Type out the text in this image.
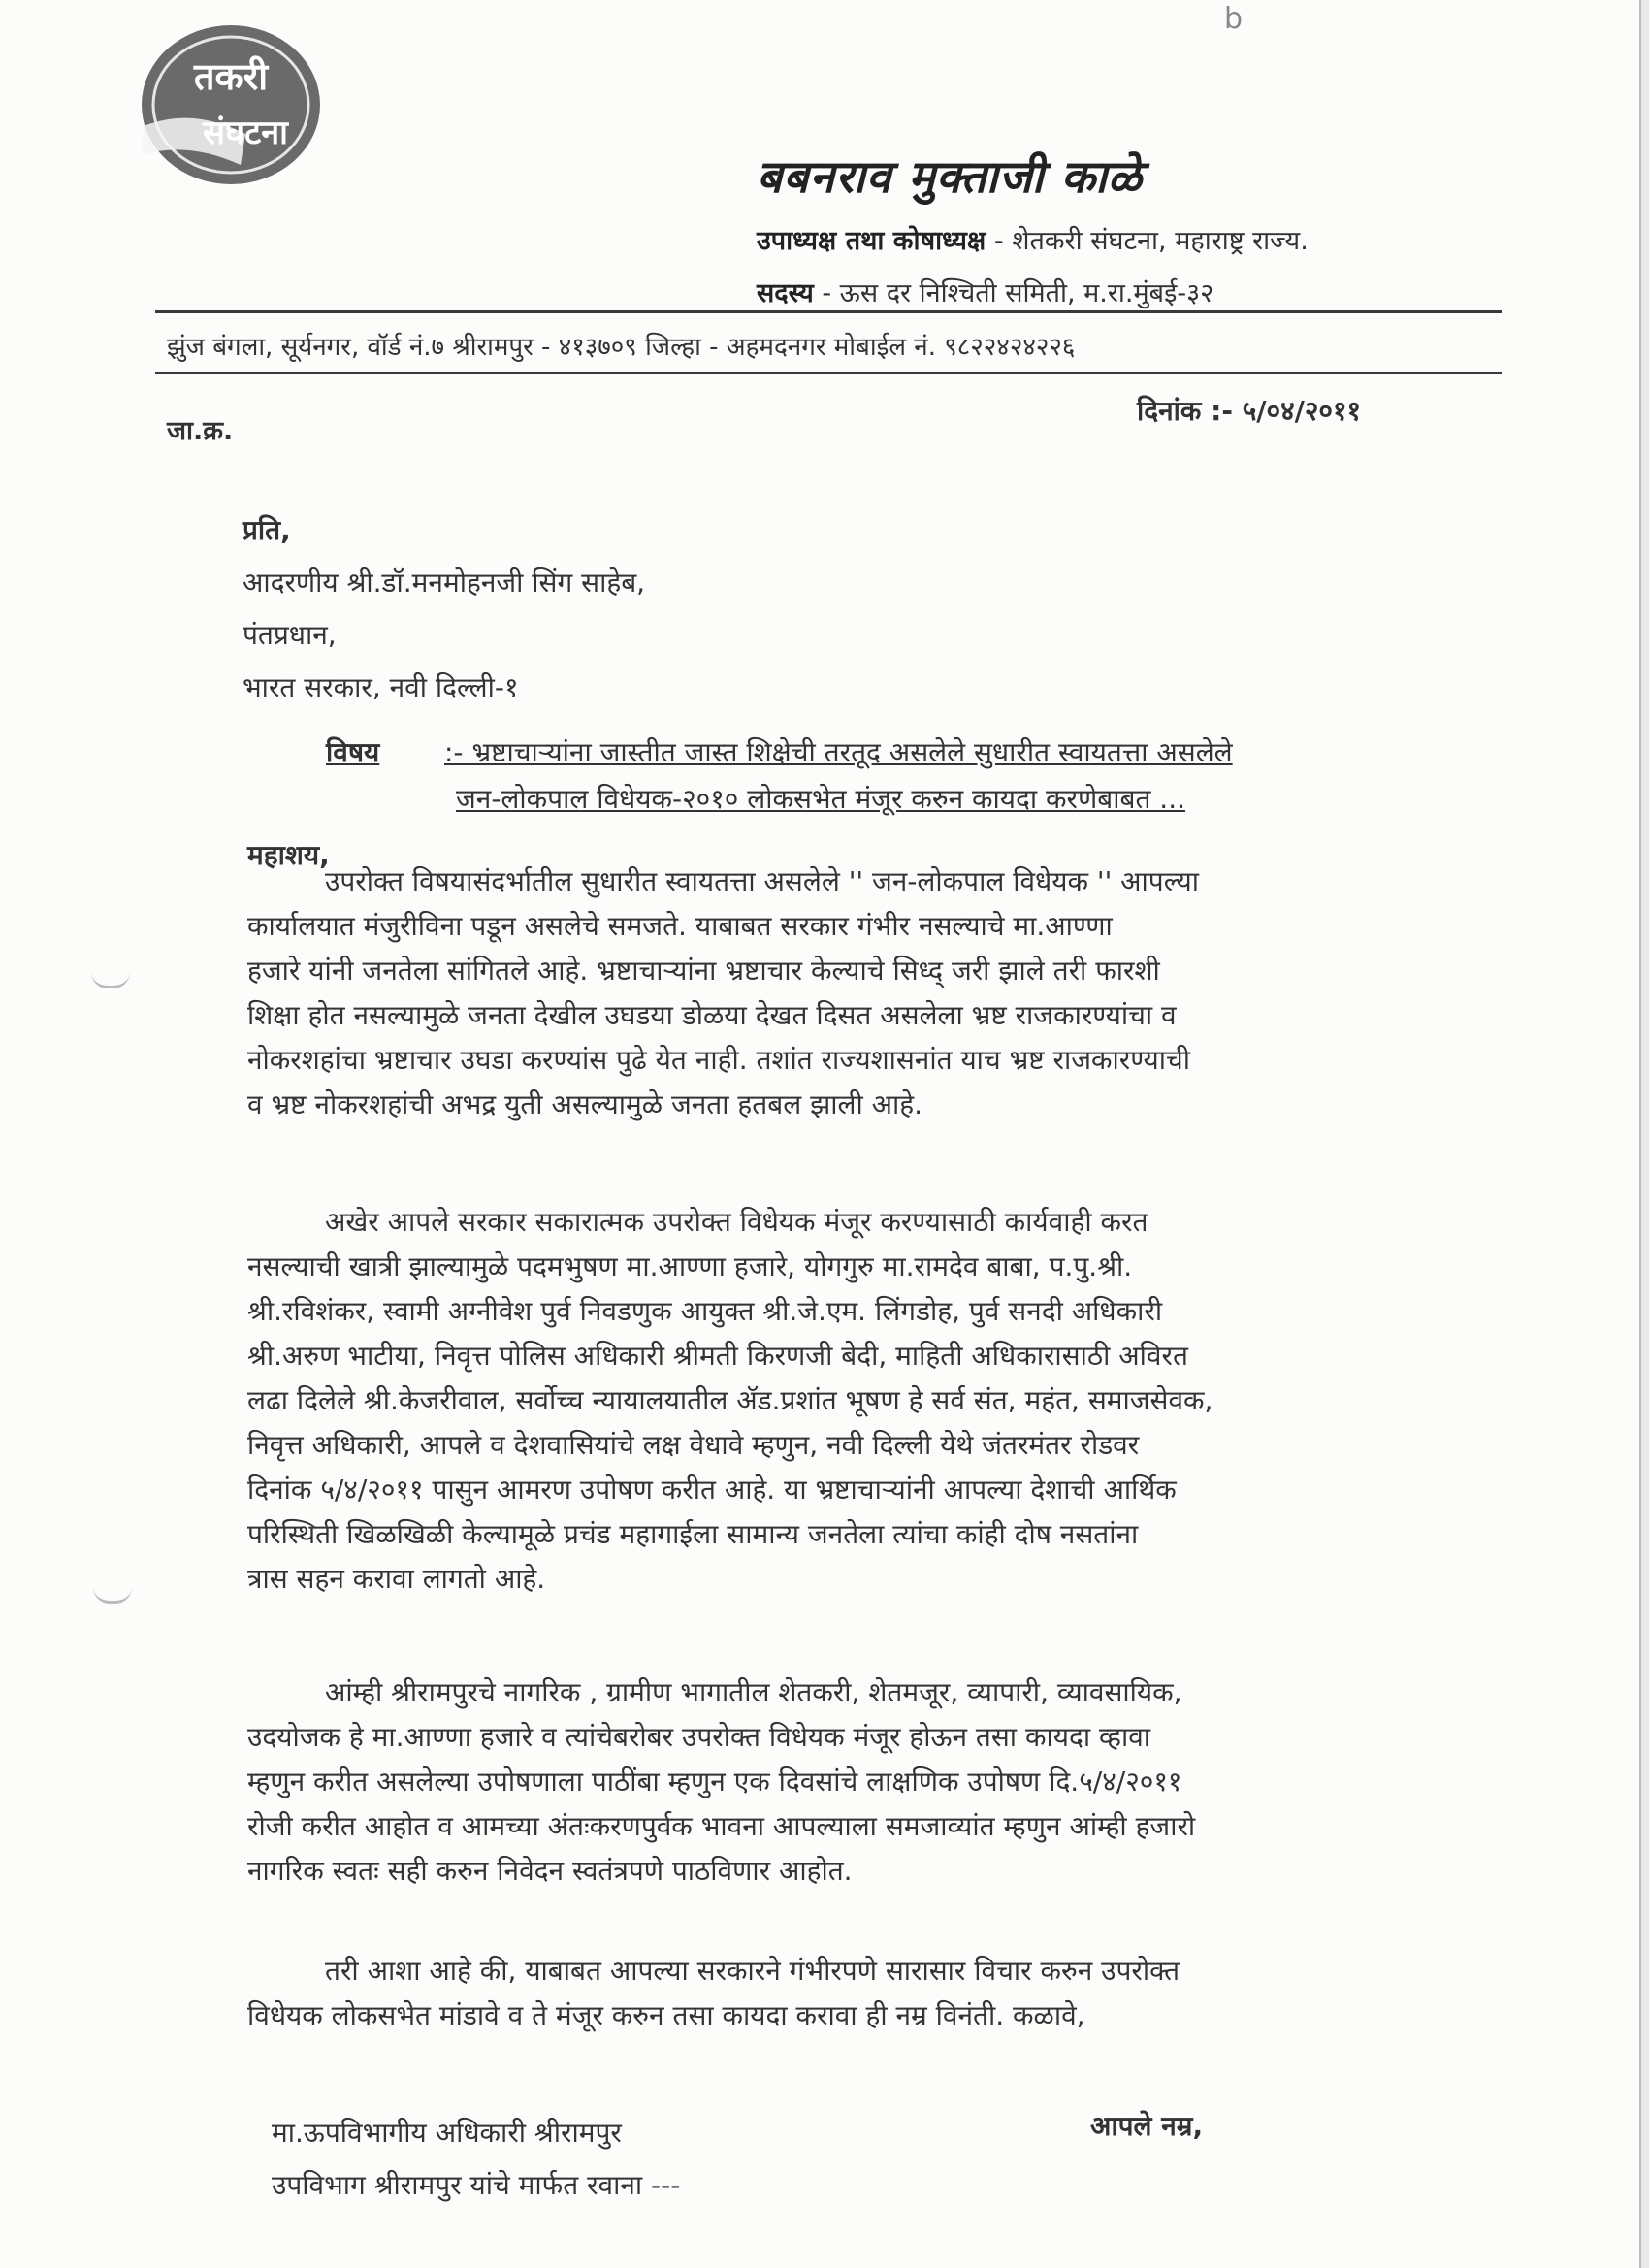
b
तकरी
संघटना
बबनराव मुक्ताजी काळे
उपाध्यक्ष तथा कोषाध्यक्ष - शेतकरी संघटना, महाराष्ट्र राज्य.
सदस्य - ऊस दर निश्चिती समिती, म.रा.मुंबई-३२
झुंज बंगला, सूर्यनगर, वॉर्ड नं.७ श्रीरामपुर - ४१३७०९ जिल्हा - अहमदनगर मोबाईल नं. ९८२२४२४२२६
दिनांक :- ५/०४/२०११
जा.क्र.
प्रति,
आदरणीय श्री.डॉ.मनमोहनजी सिंग साहेब,
पंतप्रधान,
भारत सरकार, नवी दिल्ली-१
विषय :- भ्रष्टाचाऱ्यांना जास्तीत जास्त शिक्षेची तरतूद असलेले सुधारीत स्वायतत्ता असलेले
जन-लोकपाल विधेयक-२०१० लोकसभेत मंजूर करुन कायदा करणेबाबत ...
महाशय,
उपरोक्त विषयासंदर्भातील सुधारीत स्वायतत्ता असलेले '' जन-लोकपाल विधेयक '' आपल्या
कार्यालयात मंजुरीविना पडून असलेचे समजते. याबाबत सरकार गंभीर नसल्याचे मा.आण्णा
हजारे यांनी जनतेला सांगितले आहे. भ्रष्टाचाऱ्यांना भ्रष्टाचार केल्याचे सिध्द् जरी झाले तरी फारशी
शिक्षा होत नसल्यामुळे जनता देखील उघडया डोळया देखत दिसत असलेला भ्रष्ट राजकारण्यांचा व
नोकरशहांचा भ्रष्टाचार उघडा करण्यांस पुढे येत नाही. तशांत राज्यशासनांत याच भ्रष्ट राजकारण्याची
व भ्रष्ट नोकरशहांची अभद्र युती असल्यामुळे जनता हतबल झाली आहे.
अखेर आपले सरकार सकारात्मक उपरोक्त विधेयक मंजूर करण्यासाठी कार्यवाही करत
नसल्याची खात्री झाल्यामुळे पदमभुषण मा.आण्णा हजारे, योगगुरु मा.रामदेव बाबा, प.पु.श्री.
श्री.रविशंकर, स्वामी अग्नीवेश पुर्व निवडणुक आयुक्त श्री.जे.एम. लिंगडोह, पुर्व सनदी अधिकारी
श्री.अरुण भाटीया, निवृत्त पोलिस अधिकारी श्रीमती किरणजी बेदी, माहिती अधिकारासाठी अविरत
लढा दिलेले श्री.केजरीवाल, सर्वोच्च न्यायालयातील ॲड.प्रशांत भूषण हे सर्व संत, महंत, समाजसेवक,
निवृत्त अधिकारी, आपले व देशवासियांचे लक्ष वेधावे म्हणुन, नवी दिल्ली येथे जंतरमंतर रोडवर
दिनांक ५/४/२०११ पासुन आमरण उपोषण करीत आहे. या भ्रष्टाचाऱ्यांनी आपल्या देशाची आर्थिक
परिस्थिती खिळखिळी केल्यामूळे प्रचंड महागाईला सामान्य जनतेला त्यांचा कांही दोष नसतांना
त्रास सहन करावा लागतो आहे.
आंम्ही श्रीरामपुरचे नागरिक , ग्रामीण भागातील शेतकरी, शेतमजूर, व्यापारी, व्यावसायिक,
उदयोजक हे मा.आण्णा हजारे व त्यांचेबरोबर उपरोक्त विधेयक मंजूर होऊन तसा कायदा व्हावा
म्हणुन करीत असलेल्या उपोषणाला पाठींबा म्हणुन एक दिवसांचे लाक्षणिक उपोषण दि.५/४/२०११
रोजी करीत आहोत व आमच्या अंतःकरणपुर्वक भावना आपल्याला समजाव्यांत म्हणुन आंम्ही हजारो
नागरिक स्वतः सही करुन निवेदन स्वतंत्रपणे पाठविणार आहोत.
तरी आशा आहे की, याबाबत आपल्या सरकारने गंभीरपणे सारासार विचार करुन उपरोक्त
विधेयक लोकसभेत मांडावे व ते मंजूर करुन तसा कायदा करावा ही नम्र विनंती. कळावे,
मा.ऊपविभागीय अधिकारी श्रीरामपुर
उपविभाग श्रीरामपुर यांचे मार्फत रवाना ---
आपले नम्र,
